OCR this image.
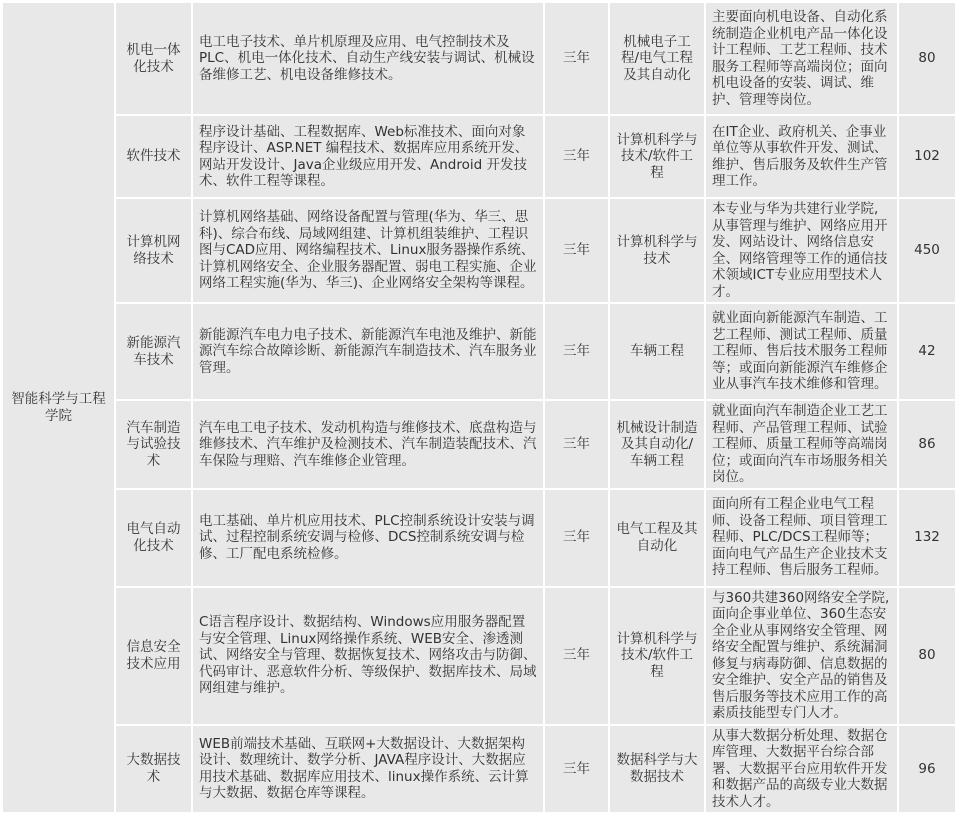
智能科学与工程学院	机电一体化技术	电工电子技术、单片机原理及应用、电气控制技术及PLC、机电一体化技术、自动生产线安装与调试、机械设备维修工艺、机电设备维修技术。	三年	机械电子工程/电气工程及其自动化	主要面向机电设备、自动化系统制造企业机电产品一体化设计工程师、工艺工程师、技术服务工程师等高端岗位；面向机电设备的安装、调试、维护、管理等岗位。	80
	软件技术	程序设计基础、工程数据库、Web标准技术、面向对象程序设计、ASP.NET 编程技术、数据库应用系统开发、网站开发设计、Java企业级应用开发、Android 开发技术、软件工程等课程。	三年	计算机科学与技术/软件工程	在IT企业、政府机关、企事业单位等从事软件开发、测试、维护、售后服务及软件生产管理工作。	102
	计算机网络技术	计算机网络基础、网络设备配置与管理(华为、华三、思科)、综合布线、局域网组建、计算机组装维护、工程识图与CAD应用、网络编程技术、Linux服务器操作系统、计算机网络安全、企业服务器配置、弱电工程实施、企业网络工程实施(华为、华三)、企业网络安全架构等课程。	三年	计算机科学与技术	本专业与华为共建行业学院,从事管理与维护、网络应用开发、网站设计、网络信息安全、网络管理等工作的通信技术领域ICT专业应用型技术人才。	450
	新能源汽车技术	新能源汽车电力电子技术、新能源汽车电池及维护、新能源汽车综合故障诊断、新能源汽车制造技术、汽车服务业管理。	三年	车辆工程	就业面向新能源汽车制造、工艺工程师、测试工程师、质量工程师、售后技术服务工程师等；或面向新能源汽车维修企业从事汽车技术维修和管理。	42
	汽车制造与试验技术	汽车电工电子技术、发动机构造与维修技术、底盘构造与维修技术、汽车维护及检测技术、汽车制造装配技术、汽车保险与理赔、汽车维修企业管理。	三年	机械设计制造及其自动化/车辆工程	就业面向汽车制造企业工艺工程师、产品管理工程师、试验工程师、质量工程师等高端岗位；或面向汽车市场服务相关岗位。	86
	电气自动化技术	电工基础、单片机应用技术、PLC控制系统设计安装与调试、过程控制系统安调与检修、DCS控制系统安调与检修、工厂配电系统检修。	三年	电气工程及其自动化	面向所有工程企业电气工程师、设备工程师、项目管理工程师、PLC/DCS工程师等；面向电气产品生产企业技术支持工程师、售后服务工程师。	132
	信息安全技术应用	C语言程序设计、数据结构、Windows应用服务器配置与安全管理、Linux网络操作系统、WEB安全、渗透测试、网络安全与管理、数据恢复技术、网络攻击与防御、代码审计、恶意软件分析、等级保护、数据库技术、局域网组建与维护。	三年	计算机科学与技术/软件工程	与360共建360网络安全学院,面向企事业单位、360生态安全企业从事网络安全管理、网络安全配置与维护、系统漏洞修复与病毒防御、信息数据的安全维护、安全产品的销售及售后服务等技术应用工作的高素质技能型专门人才。	80
	大数据技术	WEB前端技术基础、互联网+大数据设计、大数据架构设计、数理统计、数学分析、JAVA程序设计、大数据应用技术基础、数据库应用技术、linux操作系统、云计算与大数据、数据仓库等课程。	三年	数据科学与大数据技术	从事大数据分析处理、数据仓库管理、大数据平台综合部署、大数据平台应用软件开发和数据产品的高级专业大数据技术人才。	96
